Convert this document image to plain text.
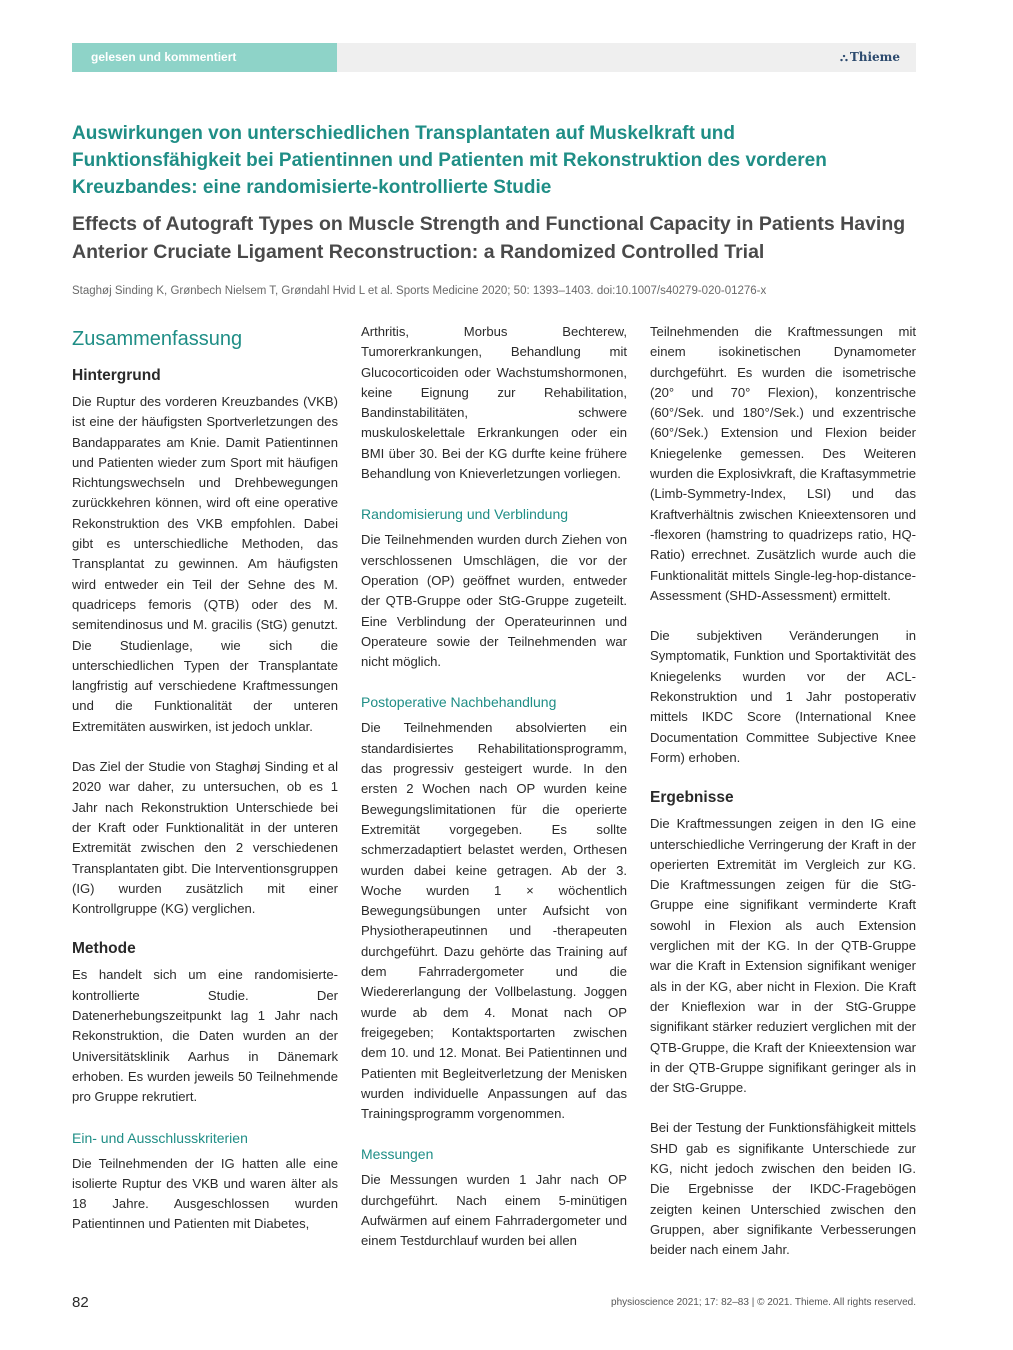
gelesen und kommentiert	⛬ Thieme
Auswirkungen von unterschiedlichen Transplantaten auf Muskelkraft und Funktionsfähigkeit bei Patientinnen und Patienten mit Rekonstruktion des vorderen Kreuzbandes: eine randomisierte-kontrollierte Studie
Effects of Autograft Types on Muscle Strength and Functional Capacity in Patients Having Anterior Cruciate Ligament Reconstruction: a Randomized Controlled Trial
Staghøj Sinding K, Grønbech Nielsem T, Grøndahl Hvid L et al. Sports Medicine 2020; 50: 1393–1403. doi:10.1007/s40279-020-01276-x
Zusammenfassung
Hintergrund

Die Ruptur des vorderen Kreuzbandes (VKB) ist eine der häufigsten Sportverletzungen des Bandapparates am Knie. Damit Patientinnen und Patienten wieder zum Sport mit häufigen Richtungswechseln und Drehbewegungen zurückkehren können, wird oft eine operative Rekonstruktion des VKB empfohlen. Dabei gibt es unterschiedliche Methoden, das Transplantat zu gewinnen. Am häufigsten wird entweder ein Teil der Sehne des M. quadriceps femoris (QTB) oder des M. semitendinosus und M. gracilis (StG) genutzt. Die Studienlage, wie sich die unterschiedlichen Typen der Transplantate langfristig auf verschiedene Kraftmessungen und die Funktionalität der unteren Extremitäten auswirken, ist jedoch unklar.

Das Ziel der Studie von Staghøj Sinding et al 2020 war daher, zu untersuchen, ob es 1 Jahr nach Rekonstruktion Unterschiede bei der Kraft oder Funktionalität in der unteren Extremität zwischen den 2 verschiedenen Transplantaten gibt. Die Interventionsgruppen (IG) wurden zusätzlich mit einer Kontrollgruppe (KG) verglichen.

Methode

Es handelt sich um eine randomisierte-kontrollierte Studie. Der Datenerhebungszeitpunkt lag 1 Jahr nach Rekonstruktion, die Daten wurden an der Universitätsklinik Aarhus in Dänemark erhoben. Es wurden jeweils 50 Teilnehmende pro Gruppe rekrutiert.

Ein- und Ausschlusskriterien

Die Teilnehmenden der IG hatten alle eine isolierte Ruptur des VKB und waren älter als 18 Jahre. Ausgeschlossen wurden Patientinnen und Patienten mit Diabetes,

Arthritis, Morbus Bechterew, Tumorerkrankungen, Behandlung mit Glucocorticoiden oder Wachstumshormonen, keine Eignung zur Rehabilitation, Bandinstabilitäten, schwere muskuloskelettale Erkrankungen oder ein BMI über 30. Bei der KG durfte keine frühere Behandlung von Knieverletzungen vorliegen.

Randomisierung und Verblindung

Die Teilnehmenden wurden durch Ziehen von verschlossenen Umschlägen, die vor der Operation (OP) geöffnet wurden, entweder der QTB-Gruppe oder StG-Gruppe zugeteilt. Eine Verblindung der Operateurinnen und Operateure sowie der Teilnehmenden war nicht möglich.

Postoperative Nachbehandlung

Die Teilnehmenden absolvierten ein standardisiertes Rehabilitationsprogramm, das progressiv gesteigert wurde. In den ersten 2 Wochen nach OP wurden keine Bewegungslimitationen für die operierte Extremität vorgegeben. Es sollte schmerzadaptiert belastet werden, Orthesen wurden dabei keine getragen. Ab der 3. Woche wurden 1 × wöchentlich Bewegungsübungen unter Aufsicht von Physiotherapeutinnen und -therapeuten durchgeführt. Dazu gehörte das Training auf dem Fahrradergometer und die Wiedererlangung der Vollbelastung. Joggen wurde ab dem 4. Monat nach OP freigegeben; Kontaktsportarten zwischen dem 10. und 12. Monat. Bei Patientinnen und Patienten mit Begleitverletzung der Menisken wurden individuelle Anpassungen auf das Trainingsprogramm vorgenommen.

Messungen

Die Messungen wurden 1 Jahr nach OP durchgeführt. Nach einem 5-minütigen Aufwärmen auf einem Fahrradergometer und einem Testdurchlauf wurden bei allen

Teilnehmenden die Kraftmessungen mit einem isokinetischen Dynamometer durchgeführt. Es wurden die isometrische (20° und 70° Flexion), konzentrische (60°/Sek. und 180°/Sek.) und exzentrische (60°/Sek.) Extension und Flexion beider Kniegelenke gemessen. Des Weiteren wurden die Explosivkraft, die Kraftasymmetrie (Limb-Symmetry-Index, LSI) und das Kraftverhältnis zwischen Knieextensoren und -flexoren (hamstring to quadrizeps ratio, HQ-Ratio) errechnet. Zusätzlich wurde auch die Funktionalität mittels Single-leg-hop-distance-Assessment (SHD-Assessment) ermittelt.

Die subjektiven Veränderungen in Symptomatik, Funktion und Sportaktivität des Kniegelenks wurden vor der ACL-Rekonstruktion und 1 Jahr postoperativ mittels IKDC Score (International Knee Documentation Committee Subjective Knee Form) erhoben.

Ergebnisse

Die Kraftmessungen zeigen in den IG eine unterschiedliche Verringerung der Kraft in der operierten Extremität im Vergleich zur KG. Die Kraftmessungen zeigen für die StG-Gruppe eine signifikant verminderte Kraft sowohl in Flexion als auch Extension verglichen mit der KG. In der QTB-Gruppe war die Kraft in Extension signifikant weniger als in der KG, aber nicht in Flexion. Die Kraft der Knieflexion war in der StG-Gruppe signifikant stärker reduziert verglichen mit der QTB-Gruppe, die Kraft der Knieextension war in der QTB-Gruppe signifikant geringer als in der StG-Gruppe.

Bei der Testung der Funktionsfähigkeit mittels SHD gab es signifikante Unterschiede zur KG, nicht jedoch zwischen den beiden IG. Die Ergebnisse der IKDC-Fragebögen zeigten keinen Unterschied zwischen den Gruppen, aber signifikante Verbesserungen beider nach einem Jahr.

82	physioscience 2021; 17: 82–83 | © 2021. Thieme. All rights reserved.
